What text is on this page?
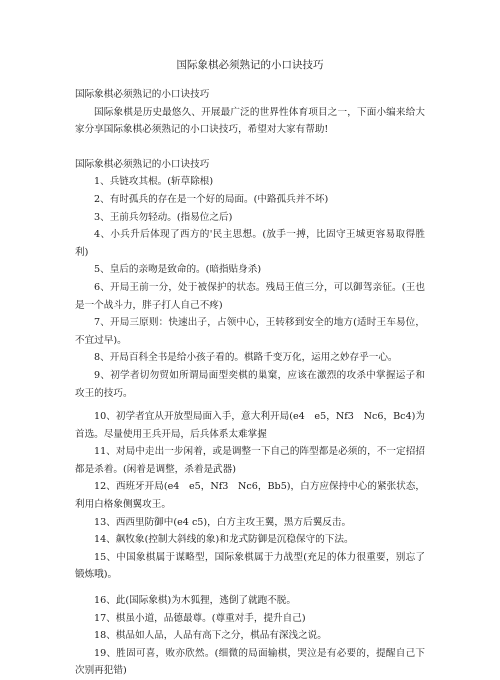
国际象棋必须熟记的小口诀技巧

国际象棋必须熟记的小口诀技巧

国际象棋是历史最悠久、开展最广泛的世界性体育项目之一，下面小编来给大家分享国际象棋必须熟记的小口诀技巧，希望对大家有帮助!

国际象棋必须熟记的小口诀技巧

1、兵链攻其根。(斩草除根)

2、有时孤兵的存在是一个好的局面。(中路孤兵并不坏)

3、王前兵勿轻动。(指易位之后)

4、小兵升后体现了西方的'民主思想。(放手一搏，比固守王城更容易取得胜利)

5、皇后的亲吻是致命的。(暗指贴身杀)

6、开局王前一分，处于被保护的状态。残局王值三分，可以御驾亲征。(王也是一个战斗力，胖子打人自己不疼)

7、开局三原则：快速出子，占领中心，王转移到安全的地方(适时王车易位，不宜过早)。

8、开局百科全书是给小孩子看的。棋路千变万化，运用之妙存乎一心。

9、初学者切勿贸如所谓局面型奕棋的巢窠，应该在激烈的攻杀中掌握运子和攻王的技巧。

10、初学者宜从开放型局面入手，意大利开局(e4　e5，Nf3　Nc6，Bc4)为首选。尽量使用王兵开局，后兵体系太难掌握

11、对局中走出一步闲着，或是调整一下自己的阵型都是必须的，不一定招招都是杀着。(闲着是调整，杀着是武器)

12、西班牙开局(e4　e5，Nf3　Nc6，Bb5)，白方应保持中心的紧张状态，利用白格象侧翼攻王。

13、西西里防御中(e4 c5)，白方主攻王翼，黑方后翼反击。

14、飙牧象(控制大斜线的象)和龙式防御是沉稳保守的下法。

15、中国象棋属于谋略型，国际象棋属于力战型(充足的体力很重要，别忘了锻炼哦)。

16、此(国际象棋)为木狐狸，逃倒了就跑不脱。

17、棋虽小道，品德最尊。(尊重对手，提升自己)

18、棋品如人品，人品有高下之分，棋品有深浅之说。

19、胜固可喜，败亦欣然。(细微的局面输棋，哭泣是有必要的，提醒自己下次别再犯错)
